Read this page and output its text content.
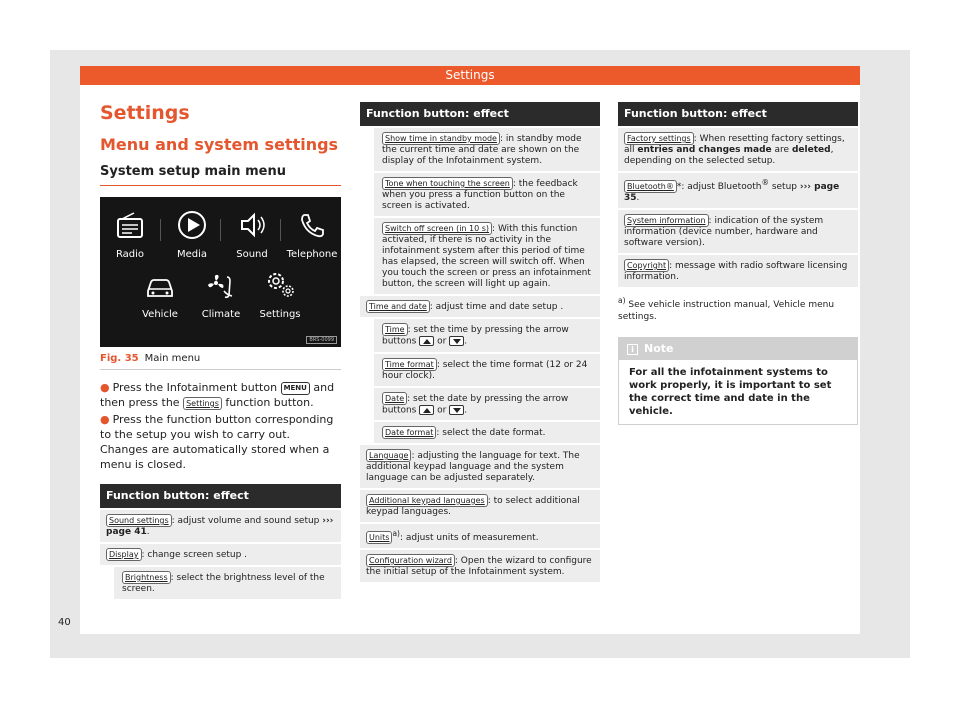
Settings
Settings
Menu and system settings
System setup main menu
Radio	Media	Sound	Telephone
Vehicle	Climate	Settings
BRS-0099
Fig. 35 Main menu
● Press the Infotainment button MENU and then press the Settings function button.
● Press the function button corresponding to the setup you wish to carry out. Changes are automatically stored when a menu is closed.
Function button: effect
Sound settings : adjust volume and sound setup ››› page 41.
Display : change screen setup .
Brightness : select the brightness level of the screen.
Function button: effect
Show time in standby mode : in standby mode the current time and date are shown on the display of the Infotainment system.
Tone when touching the screen : the feedback when you press a function button on the screen is activated.
Switch off screen (in 10 s) : With this function activated, if there is no activity in the infotainment system after this period of time has elapsed, the screen will switch off. When you touch the screen or press an infotainment button, the screen will light up again.
Time and date : adjust time and date setup .
Time : set the time by pressing the arrow buttons or .
Time format : select the time format (12 or 24 hour clock).
Date : set the date by pressing the arrow buttons or .
Date format : select the date format.
Language : adjusting the language for text. The additional keypad language and the system language can be adjusted separately.
Additional keypad languages : to select additional keypad languages.
Units $^{a)}$: adjust units of measurement.
Configuration wizard : Open the wizard to configure the initial setup of the Infotainment system.
Function button: effect
Factory settings : When resetting factory settings, all entries and changes made are deleted, depending on the selected setup.
Bluetooth® *: adjust Bluetooth® setup ››› page 35.
System information : indication of the system information (device number, hardware and software version).
Copyright : message with radio software licensing information.
$^{a)}$ See vehicle instruction manual, Vehicle menu settings.
i Note
For all the infotainment systems to work properly, it is important to set the correct time and date in the vehicle.
40
